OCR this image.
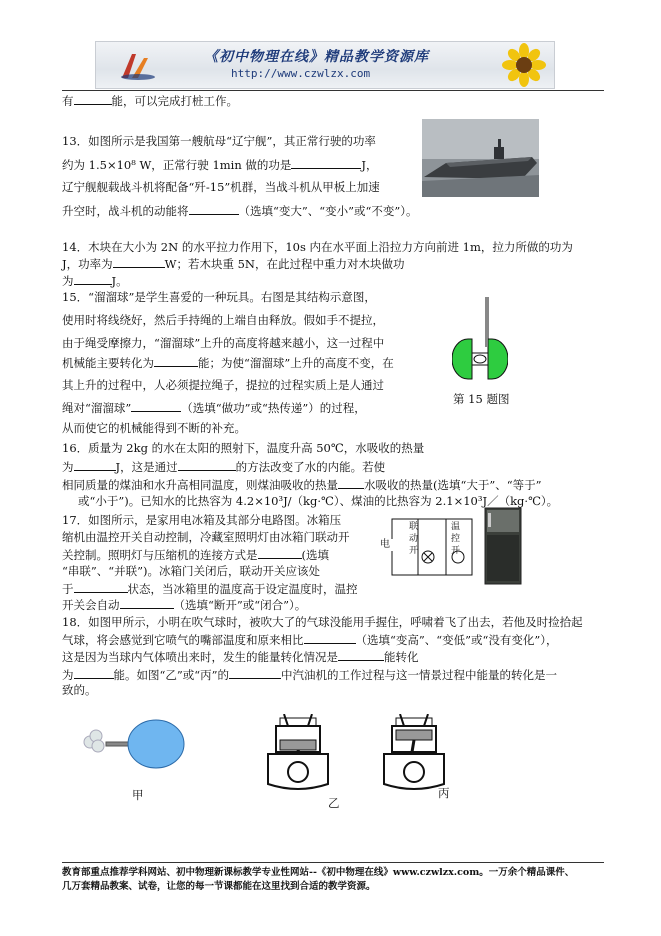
《初中物理在线》精品教学资源库
http://www.czwlzx.com
有	能，可以完成打桩工作。
13．如图所示是我国第一艘航母“辽宁舰”，其正常行驶的功率
约为 1.5×10⁸ W，正常行驶 1min 做的功是	J，
辽宁舰舰载战斗机将配备“歼-15”机群，当战斗机从甲板上加速
升空时，战斗机的动能将	（选填“变大”、“变小”或“不变”）。
14．木块在大小为 2N 的水平拉力作用下，10s 内在水平面上沿拉力方向前进 1m，拉力所做的功为
J，功率为	W；若木块重 5N，在此过程中重力对木块做功
为	J。
15．“溜溜球”是学生喜爱的一种玩具。右图是其结构示意图，
使用时将线绕好，然后手持绳的上端自由释放。假如手不提拉，
由于绳受摩擦力，“溜溜球”上升的高度将越来越小，这一过程中
机械能主要转化为	能；为使“溜溜球”上升的高度不变，在
其上升的过程中，人必须提拉绳子，提拉的过程实质上是人通过
绳对“溜溜球”	（选填“做功”或“热传递”）的过程，
从而使它的机械能得到不断的补充。
第 15 题图
16．质量为 2kg 的水在太阳的照射下，温度升高 50℃，水吸收的热量
为	J，这是通过	的方法改变了水的内能。若使
相同质量的煤油和水升高相同温度，则煤油吸收的热量 水吸收的热量(选填“大于”、“等于”
或“小于”)。已知水的比热容为 4.2×10³J/（kg·℃）、煤油的比热容为 2.1×10³J／（kg·℃）。
17．如图所示，是家用电冰箱及其部分电路图。冰箱压
缩机由温控开关自动控制，冷藏室照明灯由冰箱门联动开
关控制。照明灯与压缩机的连接方式是	(选填
“串联”、“并联”)。冰箱门关闭后，联动开关应该处
于	状态，当冰箱里的温度高于设定温度时，温控
开关会自动	（选填“断开”或“闭合”）。
电
联动开
温控开
18．如图甲所示，小明在吹气球时，被吹大了的气球没能用手握住，呼啸着飞了出去，若他及时捡拾起
气球，将会感觉到它喷气的嘴部温度和原来相比	（选填“变高”、“变低”或“没有变化”），
这是因为当球内气体喷出来时，发生的能量转化情况是	能转化
为	能。如图“乙”或“丙”的	中汽油机的工作过程与这一情景过程中能量的转化是一
致的。
甲
乙
丙
教育部重点推荐学科网站、初中物理新课标教学专业性网站--《初中物理在线》www.czwlzx.com。一万余个精品课件、
几万套精品教案、试卷，让您的每一节课都能在这里找到合适的教学资源。
